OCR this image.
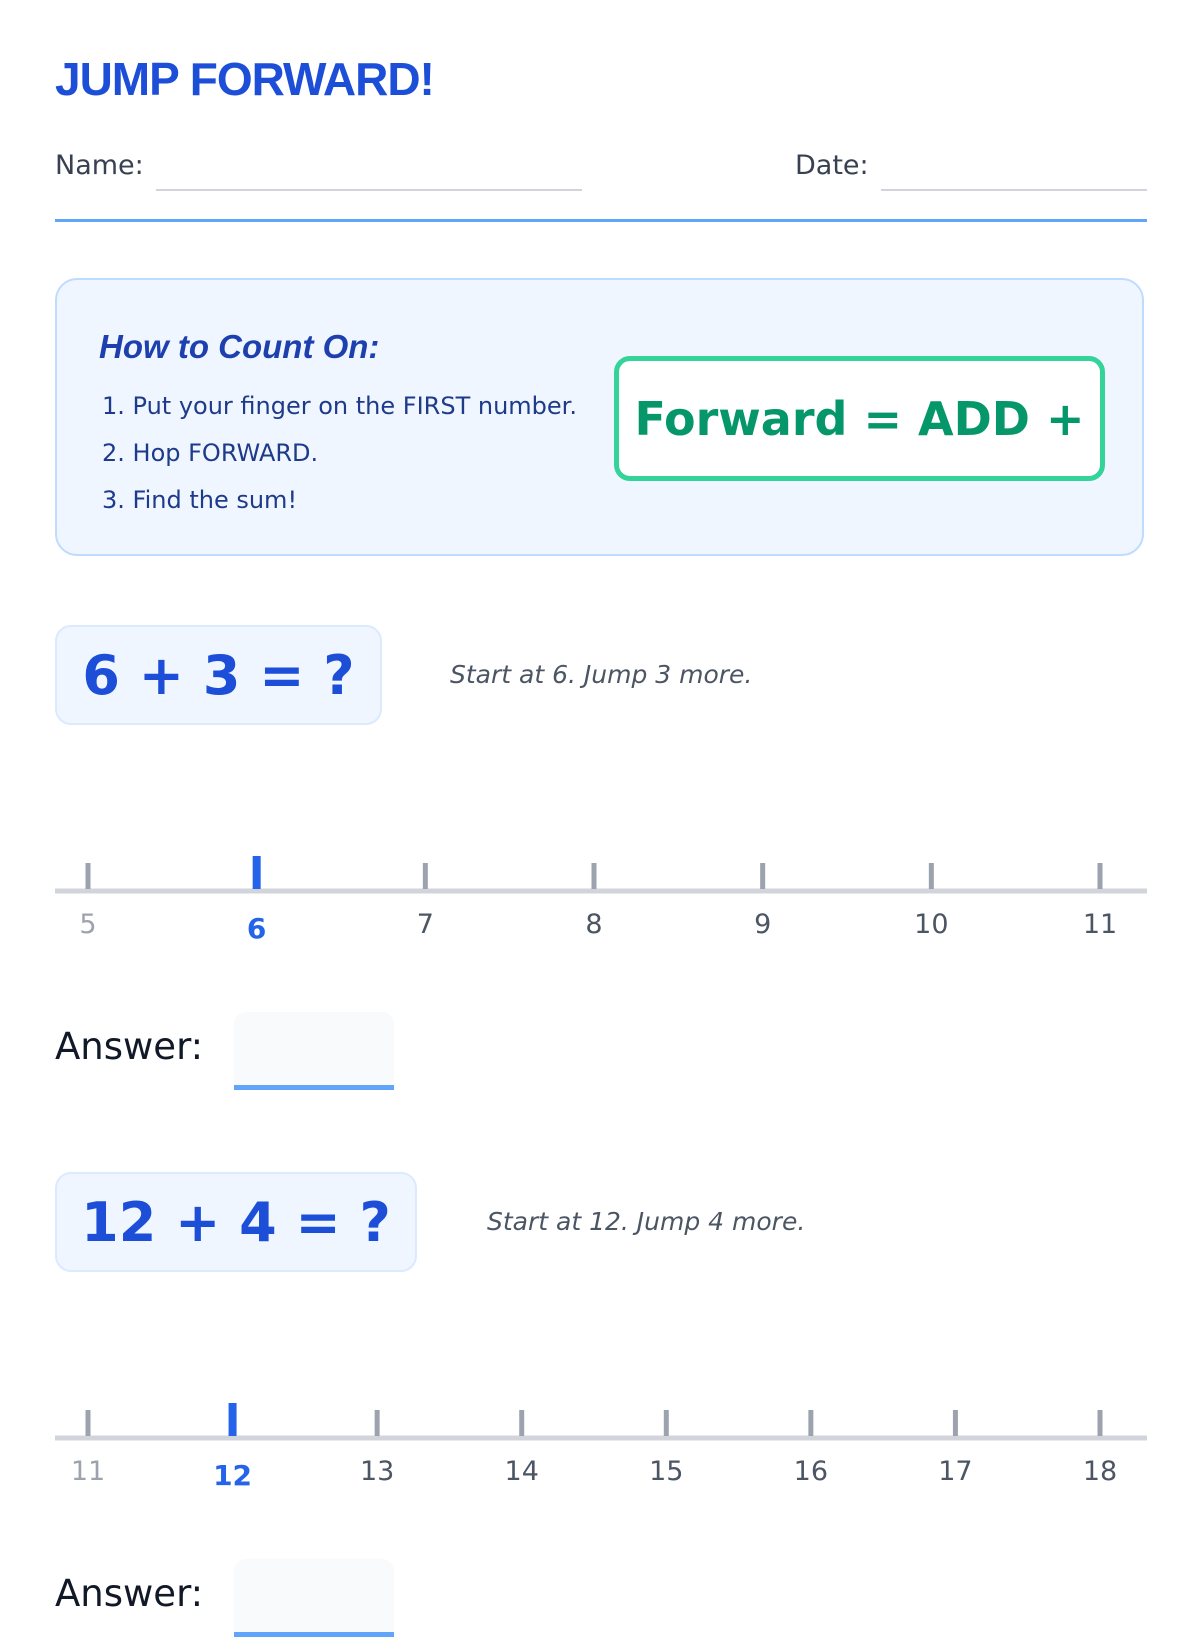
JUMP FORWARD!
Name:	Date:
How to Count On:
1. Put your finger on the FIRST number.
2. Hop FORWARD.
3. Find the sum!
Forward = ADD +
6 + 3 = ?	Start at 6. Jump 3 more.
5	6	7	8	9	10	11
Answer:
12 + 4 = ?	Start at 12. Jump 4 more.
11	12	13	14	15	16	17	18
Answer:
